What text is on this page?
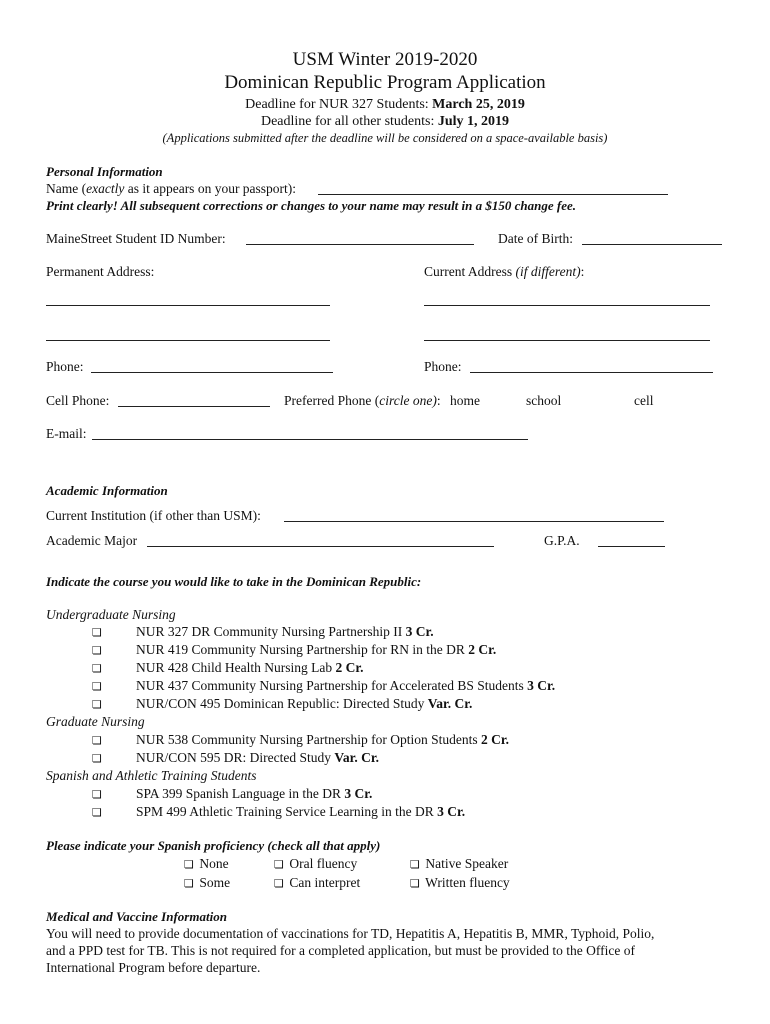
USM Winter 2019-2020
Dominican Republic Program Application
Deadline for NUR 327 Students: March 25, 2019
Deadline for all other students: July 1, 2019
(Applications submitted after the deadline will be considered on a space-available basis)
Personal Information
Name (exactly as it appears on your passport):
Print clearly! All subsequent corrections or changes to your name may result in a $150 change fee.
MaineStreet Student ID Number:	Date of Birth:
Permanent Address:	Current Address (if different):
Phone:	Phone:
Cell Phone:	Preferred Phone (circle one): home	school	cell
E-mail:
Academic Information
Current Institution (if other than USM):
Academic Major	G.P.A.
Indicate the course you would like to take in the Dominican Republic:
Undergraduate Nursing
❏	NUR 327 DR Community Nursing Partnership II 3 Cr.
❏	NUR 419 Community Nursing Partnership for RN in the DR 2 Cr.
❏	NUR 428 Child Health Nursing Lab 2 Cr.
❏	NUR 437 Community Nursing Partnership for Accelerated BS Students 3 Cr.
❏	NUR/CON 495 Dominican Republic: Directed Study Var. Cr.
Graduate Nursing
❏	NUR 538 Community Nursing Partnership for Option Students 2 Cr.
❏	NUR/CON 595 DR: Directed Study Var. Cr.
Spanish and Athletic Training Students
❏	SPA 399 Spanish Language in the DR 3 Cr.
❏	SPM 499 Athletic Training Service Learning in the DR 3 Cr.
Please indicate your Spanish proficiency (check all that apply)
❏ None	❏ Oral fluency	❏ Native Speaker
❏ Some	❏ Can interpret	❏ Written fluency
Medical and Vaccine Information
You will need to provide documentation of vaccinations for TD, Hepatitis A, Hepatitis B, MMR, Typhoid, Polio,
and a PPD test for TB. This is not required for a completed application, but must be provided to the Office of
International Program before departure.
